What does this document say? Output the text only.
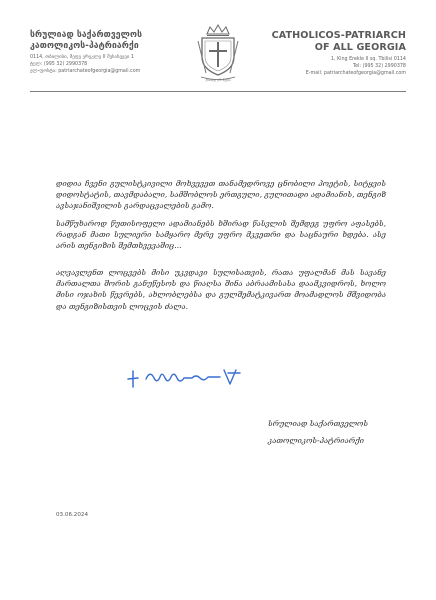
სრულიად საქართველოს
კათოლიკოს-პატრიარქი
0114, თბილისი, მეფე ერეკლე II შესახვევი 1
ტელ: (995 32) 2990378
ელ-ფოსტა: patriarchateofgeorgia@gmail.com
ქრისტე ღმ. ჩვენი
CATHOLICOS-PATRIARCH
OF ALL GEORGIA
1, King Erekle II sq. Tbilisi 0114
Tel: (995 32) 2990378
E-mail: patriarchateofgeorgia@gmail.com

დიდია ჩვენი გულისტკივილი მოხვევეთ თანამედროვე ცნობილი პოეტის, სიტყვის დიდოსტატის, თავმდაბალი, სამშობლოს ერთგული, გულითადი ადამიანის, თენგიზ ავსაჯანიშვილის გარდაცვალების გამო.

სამწუხაროდ წუთისოფელი ადამიანებს ხშირად წასვლის შემდეგ უფრო აფასებს, რადგან მათი სულიერი სამყარო მერე უფრო მკვეთრი და საცნაური ხდება. ასე არის თენგიზის შემთხვევაშიც...

აღვავლენთ ლოცვებს მისი უკვდავი სულისათვის, რათა უფალმან მას სავანე მართალთა შორის განუწესოს და წიაღსა შინა აბრაამისასა დაამკვიდროს, ხოლო მისი ოჯახის წევრებს, ახლობლებსა და გულშემატკივართ მოამადლოს მშვიდობა და თენგიზისთვის ლოცვის ძალა.

სრულიად საქართველოს
კათოლიკოს-პატრიარქი
03.06.2024
